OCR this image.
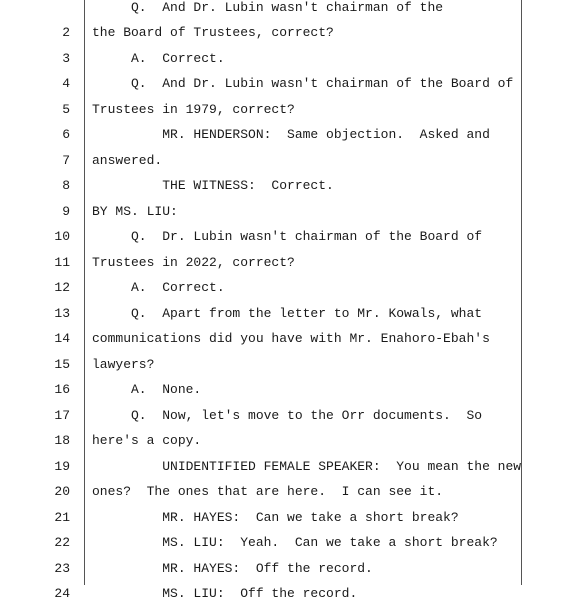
Q.  And Dr. Lubin wasn't chairman of the
2 the Board of Trustees, correct?
3 A.  Correct.
4 Q.  And Dr. Lubin wasn't chairman of the Board of
5 Trustees in 1979, correct?
6 MR. HENDERSON:  Same objection.  Asked and
7 answered.
8 THE WITNESS:  Correct.
9 BY MS. LIU:
10 Q.  Dr. Lubin wasn't chairman of the Board of
11 Trustees in 2022, correct?
12 A.  Correct.
13 Q.  Apart from the letter to Mr. Kowals, what
14 communications did you have with Mr. Enahoro-Ebah's
15 lawyers?
16 A.  None.
17 Q.  Now, let's move to the Orr documents.  So
18 here's a copy.
19 UNIDENTIFIED FEMALE SPEAKER:  You mean the new
20 ones?  The ones that are here.  I can see it.
21 MR. HAYES:  Can we take a short break?
22 MS. LIU:  Yeah.  Can we take a short break?
23 MR. HAYES:  Off the record.
24 MS. LIU:  Off the record.
